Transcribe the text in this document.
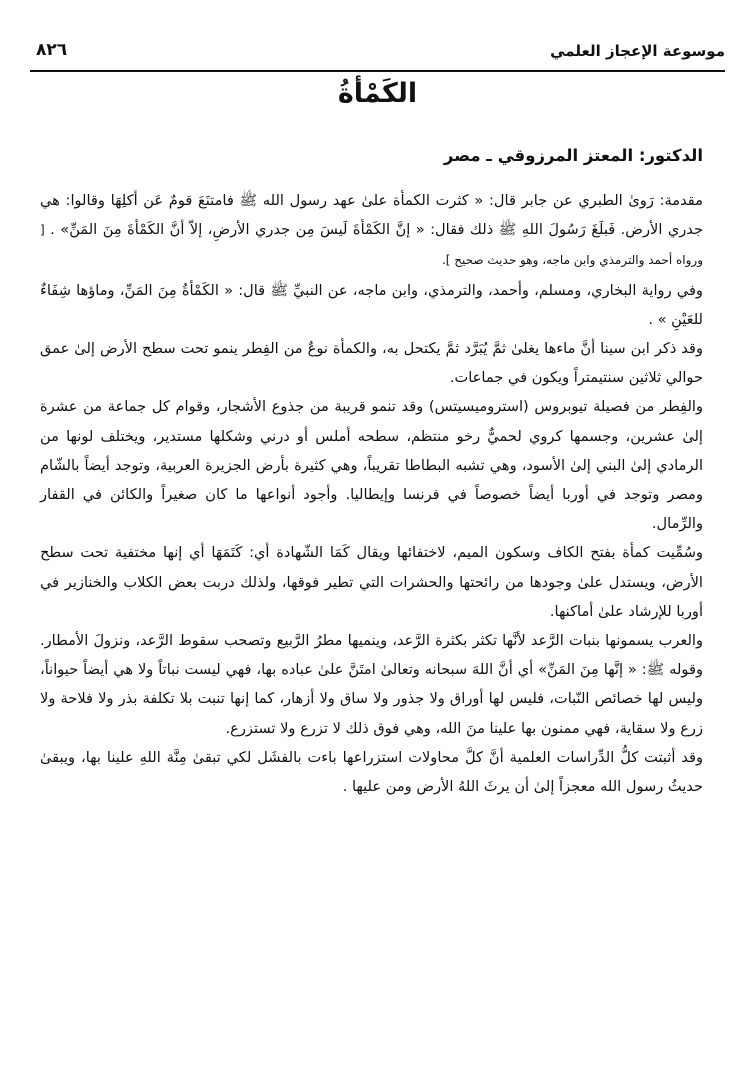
موسوعة الإعجاز العلمي
٨٢٦
الكَمْأةُ
الدكتور: المعتز المرزوقي ـ مصر

مقدمة: رَوىٰ الطبري عن جابر قال: « كثرت الكمأة علىٰ عهد رسول الله ﷺ فامتنَعَ قومٌ عَن أكلِهَا وقالوا: هي جدري الأرض. فَبلَغَ رَسُولَ اللهِ ﷺ ذلك فقال: « إنَّ الكَمْأةَ لَيسَ مِن جدري الأرضِ، إلاّ أنَّ الكَمْأةَ مِنَ المَنِّ» . [ ورواه أحمد والترمذي وابن ماجه، وهو حديث صحيح ].

وفي رواية البخاري، ومسلم، وأحمد، والترمذي، وابن ماجه، عن النبيِّ ﷺ قال: « الكَمْأةُ مِنَ المَنِّ، وماؤها شِفَاءٌ للعَيْنِ » .

وقد ذكر ابن سينا أنَّ ماءها يغلىٰ ثمَّ يُبَرَّد ثمَّ يكتحل به، والكمأة نوعٌ من الفِطر ينمو تحت سطح الأرض إلىٰ عمق حوالي ثلاثين سنتيمتراً ويكون في جماعات.

والفِطر من فصيلة تيوبروس (استروميسيتس) وقد تنمو قريبة من جذوع الأشجار، وقوام كل جماعة من عشرة إلىٰ عشرين، وجسمها كروي لحميٌّ رخو منتظم، سطحه أملس أو درني وشكلها مستدير، ويختلف لونها من الرمادي إلىٰ البني إلىٰ الأسود، وهي تشبه البطاطا تقريباً، وهي كثيرة بأرض الجزيرة العربية، وتوجد أيضاً بالشّام ومصر وتوجد في أوربا أيضاً خصوصاً في فرنسا وإيطاليا. وأجود أنواعها ما كان صغيراً والكائن في القفار والرِّمال.

وسُمِّيت كمأة بفتح الكاف وسكون الميم، لاختفائها ويقال كَمَا الشّهادة أي: كَتَمَهَا أي إنها مختفية تحت سطح الأرض، ويستدل علىٰ وجودها من رائحتها والحشرات التي تطير فوقها، ولذلك دربت بعض الكلاب والخنازير في أوربا للإرشاد علىٰ أماكنها.

والعرب يسمونها بنبات الرَّعد لأنَّها تكثر بكثرة الرَّعد، وينميها مطرُ الرَّبيع وتصحب سقوط الرَّعد، ونزولَ الأمطار. وقوله ﷺ: « إنَّها مِنَ المَنِّ» أي أنَّ اللهَ سبحانه وتعالىٰ امتَنَّ علىٰ عباده بها، فهي ليست نباتاً ولا هي أيضاً حيواناً، وليس لها خصائص النّبات، فليس لها أوراق ولا جذور ولا ساق ولا أزهار، كما إنها تنبت بلا تكلفة بذر ولا فلاحة ولا زرع ولا سقاية، فهي ممنون بها علينا منَ الله، وهي فوق ذلك لا تزرع ولا تستزرع.

وقد أثبتت كلُّ الدِّراسات العلمية أنَّ كلَّ محاولات استزراعها باءت بالفشَل لكي تبقىٰ مِنَّة اللهِ علينا بها، ويبقىٰ حديثُ رسول الله معجزاً إلىٰ أن يرثَ اللهُ الأرض ومن عليها .
